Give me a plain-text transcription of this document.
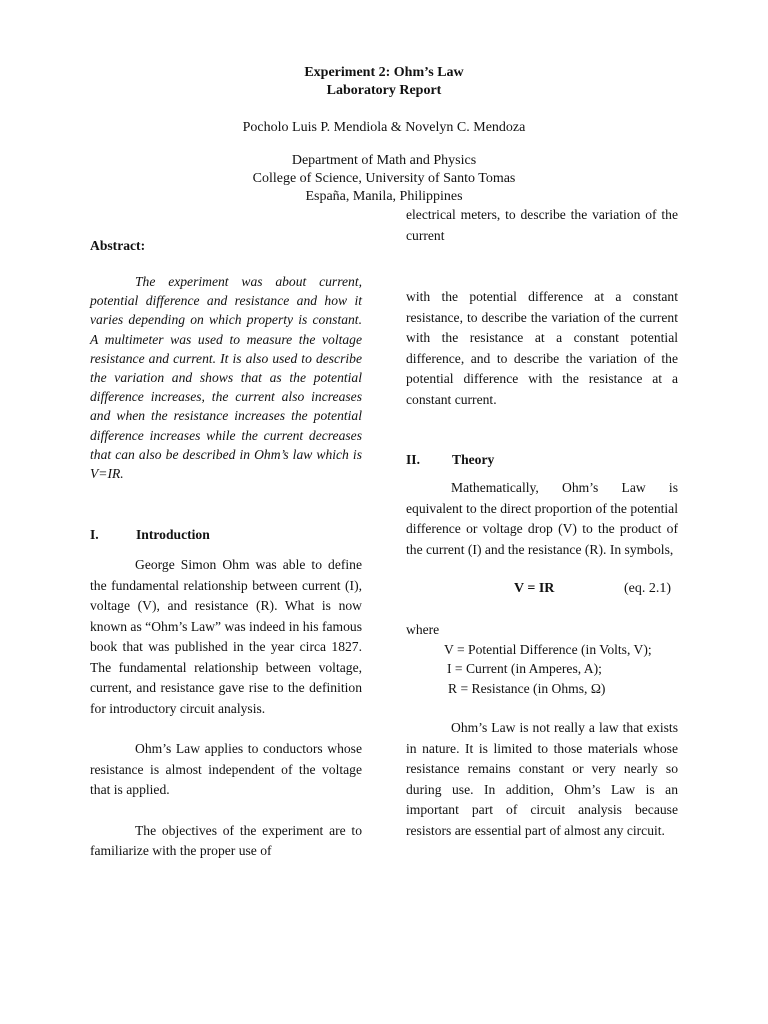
Experiment 2: Ohm’s Law
Laboratory Report
Pocholo Luis P. Mendiola & Novelyn C. Mendoza
Department of Math and Physics
College of Science, University of Santo Tomas
España, Manila, Philippines

Abstract:

The experiment was about current, potential difference and resistance and how it varies depending on which property is constant. A multimeter was used to measure the voltage resistance and current. It is also used to describe the variation and shows that as the potential difference increases, the current also increases and when the resistance increases the potential difference increases while the current decreases that can also be described in Ohm’s law which is V=IR.

I.	Introduction

George Simon Ohm was able to define the fundamental relationship between current (I), voltage (V), and resistance (R). What is now known as “Ohm’s Law” was indeed in his famous book that was published in the year circa 1827. The fundamental relationship between voltage, current, and resistance gave rise to the definition for introductory circuit analysis.

Ohm’s Law applies to conductors whose resistance is almost independent of the voltage that is applied.

The objectives of the experiment are to familiarize with the proper use of

electrical meters, to describe the variation of the current

with the potential difference at a constant resistance, to describe the variation of the current with the resistance at a constant potential difference, and to describe the variation of the potential difference with the resistance at a constant current.

II.	Theory

Mathematically, Ohm’s Law is equivalent to the direct proportion of the potential difference or voltage drop (V) to the product of the current (I) and the resistance (R). In symbols,

V = IR	(eq. 2.1)
where
V = Potential Difference (in Volts, V);
I = Current (in Amperes, A);
R = Resistance (in Ohms, Ω)

Ohm’s Law is not really a law that exists in nature. It is limited to those materials whose resistance remains constant or very nearly so during use. In addition, Ohm’s Law is an important part of circuit analysis because resistors are essential part of almost any circuit.
